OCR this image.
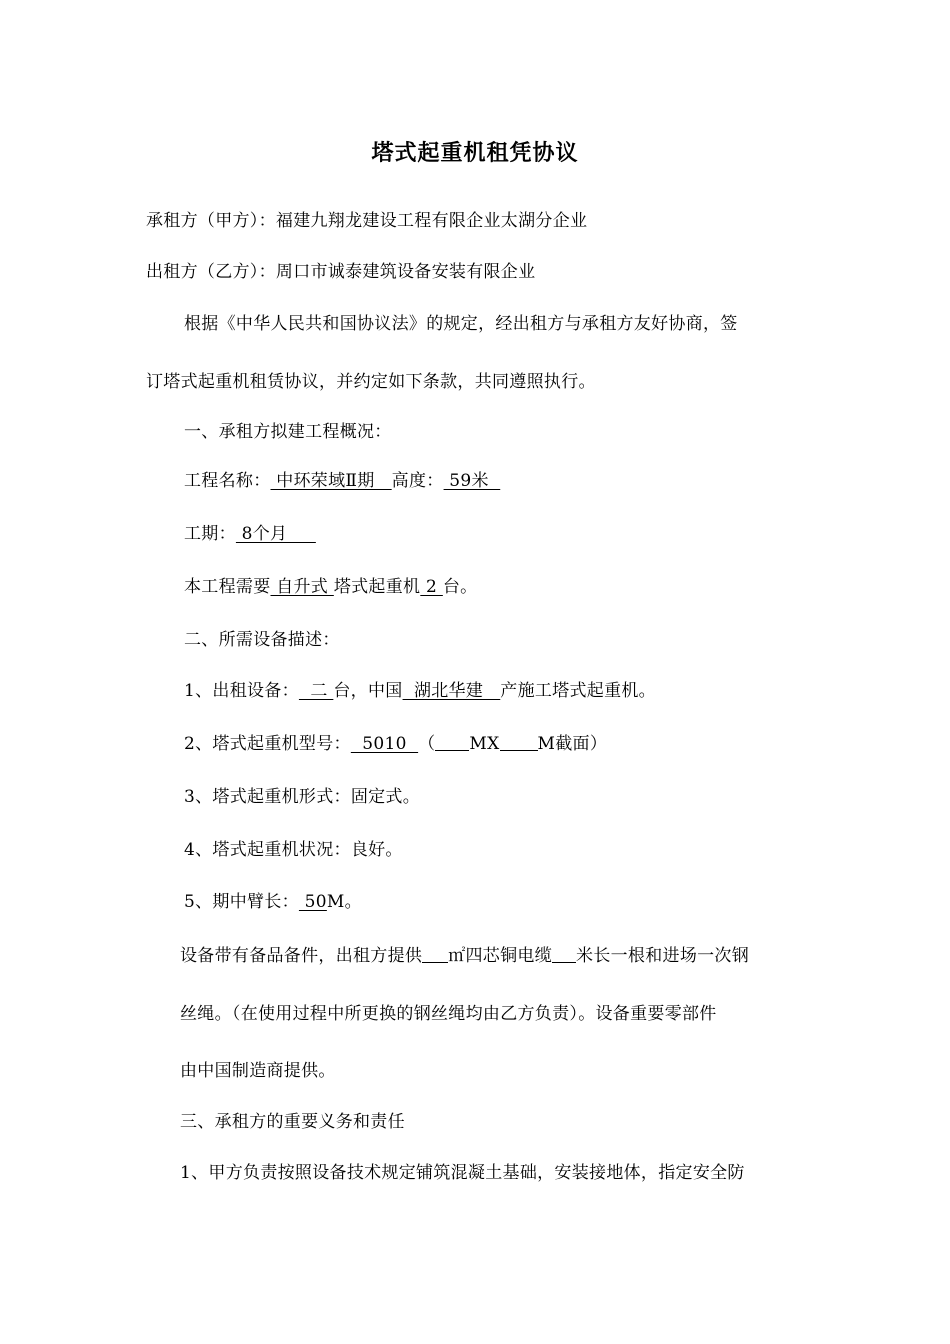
塔式起重机租凭协议
承租方（甲方）：福建九翔龙建设工程有限企业太湖分企业
出租方（乙方）：周口市诚泰建筑设备安装有限企业
根据《中华人民共和国协议法》的规定，经出租方与承租方友好协商，签
订塔式起重机租赁协议，并约定如下条款，共同遵照执行。
一、承租方拟建工程概况：
工程名称： 中环荣域Ⅱ期   高度： 59米
工期： 8个月
本工程需要 自升式 塔式起重机 2 台。
二、所需设备描述：
1、出租设备：  二 台，中国  湖北华建   产施工塔式起重机。
2、塔式起重机型号：  5010  （ MX M截面）
3、塔式起重机形式：固定式。
4、塔式起重机状况：良好。
5、期中臂长： 50M。
设备带有备品备件，出租方提供 ㎡四芯铜电缆 米长一根和进场一次钢
丝绳。（在使用过程中所更换的钢丝绳均由乙方负责）。设备重要零部件
由中国制造商提供。
三、承租方的重要义务和责任
1、甲方负责按照设备技术规定铺筑混凝土基础，安装接地体，指定安全防
